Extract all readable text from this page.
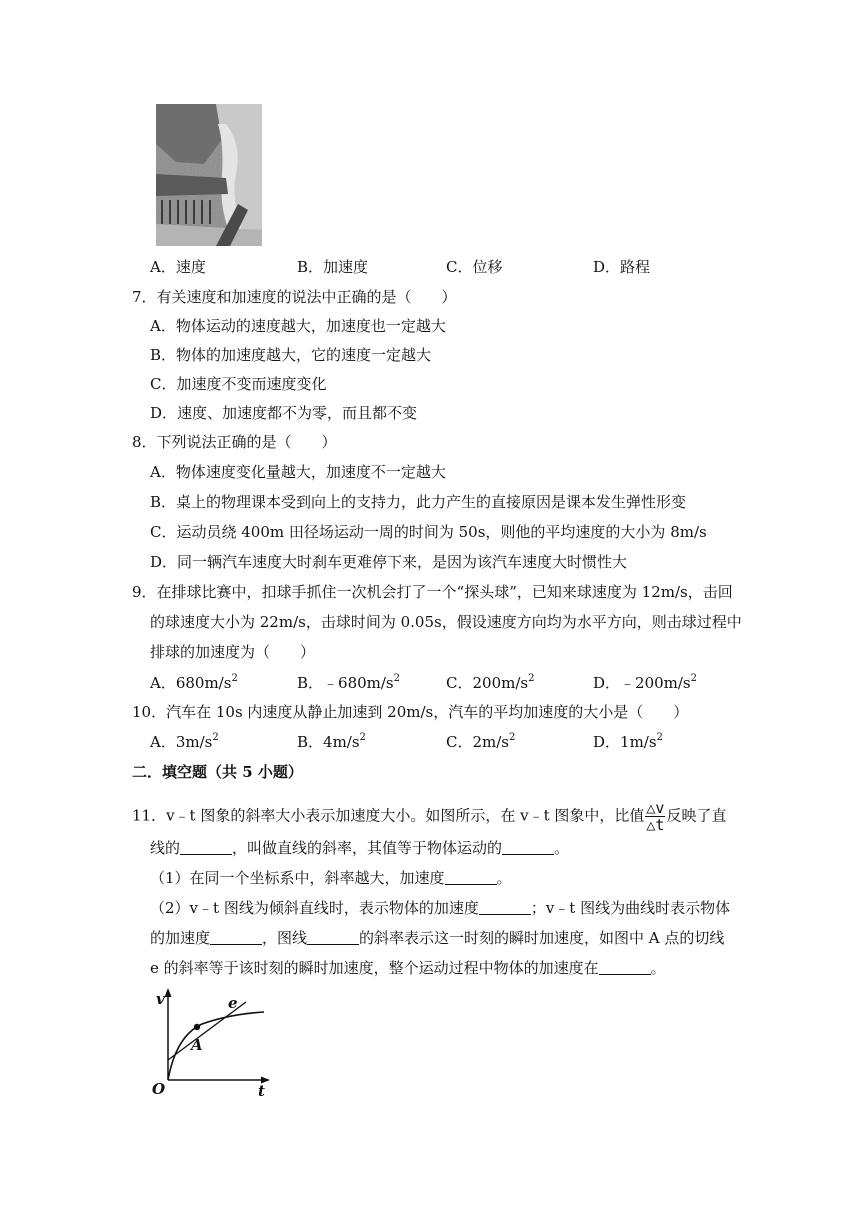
A．速度	B．加速度	C．位移	D．路程
7．有关速度和加速度的说法中正确的是（　　）
A．物体运动的速度越大，加速度也一定越大
B．物体的加速度越大，它的速度一定越大
C．加速度不变而速度变化
D．速度、加速度都不为零，而且都不变
8．下列说法正确的是（　　）
A．物体速度变化量越大，加速度不一定越大
B．桌上的物理课本受到向上的支持力，此力产生的直接原因是课本发生弹性形变
C．运动员绕 400m 田径场运动一周的时间为 50s，则他的平均速度的大小为 8m/s
D．同一辆汽车速度大时刹车更难停下来，是因为该汽车速度大时惯性大
9．在排球比赛中，扣球手抓住一次机会打了一个“探头球”，已知来球速度为 12m/s，击回
的球速度大小为 22m/s，击球时间为 0.05s，假设速度方向均为水平方向，则击球过程中
排球的加速度为（　　）
A．$680m/s^2$	B．$﹣680m/s^2$	C．$200m/s^2$	D．$﹣200m/s^2$
10．汽车在 10s 内速度从静止加速到 20m/s，汽车的平均加速度的大小是（　　）
A．$3m/s^2$	B．$4m/s^2$	C．$2m/s^2$	D．$1m/s^2$
二．填空题（共 5 小题）
11．v﹣t 图象的斜率大小表示加速度大小。如图所示，在 v﹣t 图象中，比值 $\frac{\triangle v}{\triangle t}$ 反映了直
线的	，叫做直线的斜率，其值等于物体运动的	。
（1）在同一个坐标系中，斜率越大，加速度	。
（2）v﹣t 图线为倾斜直线时，表示物体的加速度	；v﹣t 图线为曲线时表示物体
的加速度	，图线	的斜率表示这一时刻的瞬时加速度，如图中 A 点的切线
e 的斜率等于该时刻的瞬时加速度，整个运动过程中物体的加速度在	。
v
t
O
A
e
